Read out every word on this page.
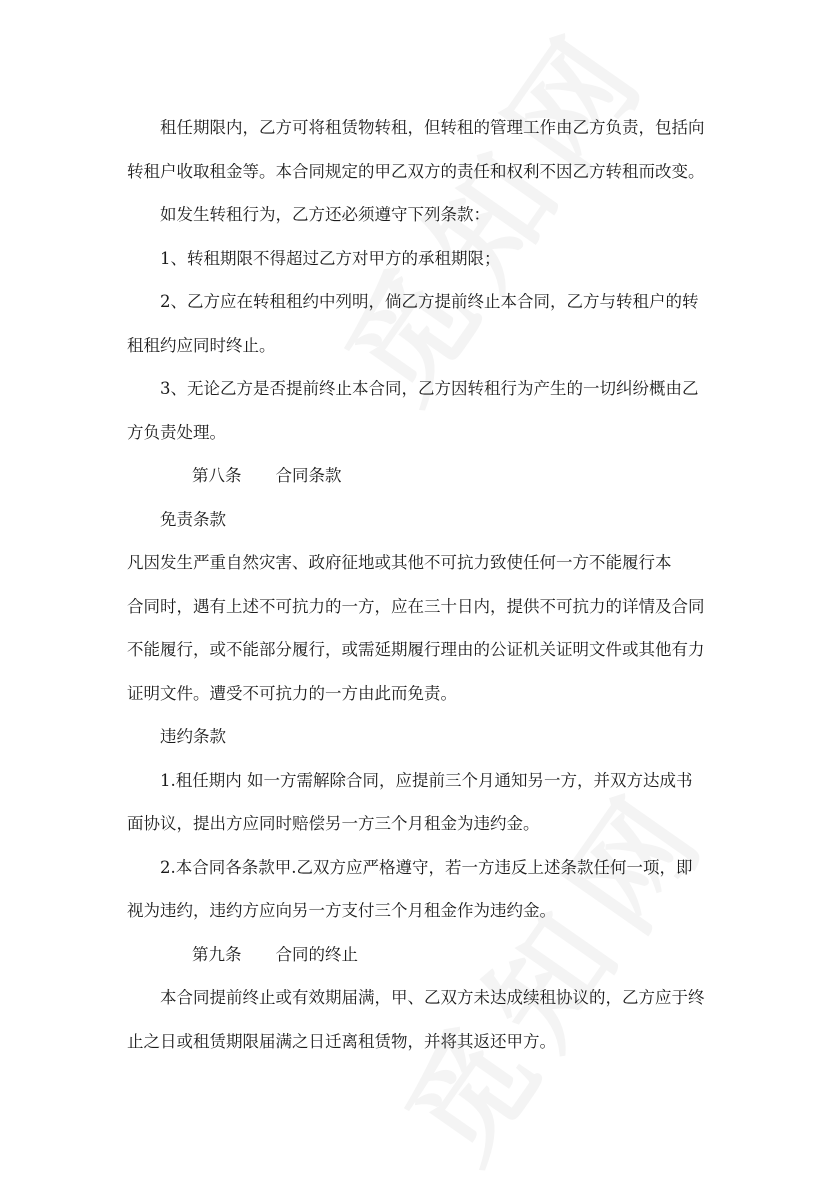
租任期限内，乙方可将租赁物转租，但转租的管理工作由乙方负责，包括向

转租户收取租金等。本合同规定的甲乙双方的责任和权利不因乙方转租而改变。

如发生转租行为，乙方还必须遵守下列条款：

1、转租期限不得超过乙方对甲方的承租期限；

2、乙方应在转租租约中列明，倘乙方提前终止本合同，乙方与转租户的转

租租约应同时终止。

3、无论乙方是否提前终止本合同，乙方因转租行为产生的一切纠纷概由乙

方负责处理。

第八条 合同条款

免责条款

凡因发生严重自然灾害、政府征地或其他不可抗力致使任何一方不能履行本

合同时，遇有上述不可抗力的一方，应在三十日内，提供不可抗力的详情及合同

不能履行，或不能部分履行，或需延期履行理由的公证机关证明文件或其他有力

证明文件。遭受不可抗力的一方由此而免责。

违约条款

1.租任期内 如一方需解除合同，应提前三个月通知另一方，并双方达成书

面协议，提出方应同时赔偿另一方三个月租金为违约金。

2.本合同各条款甲.乙双方应严格遵守，若一方违反上述条款任何一项，即

视为违约，违约方应向另一方支付三个月租金作为违约金。

第九条 合同的终止

本合同提前终止或有效期届满，甲、乙双方未达成续租协议的，乙方应于终

止之日或租赁期限届满之日迁离租赁物，并将其返还甲方。
